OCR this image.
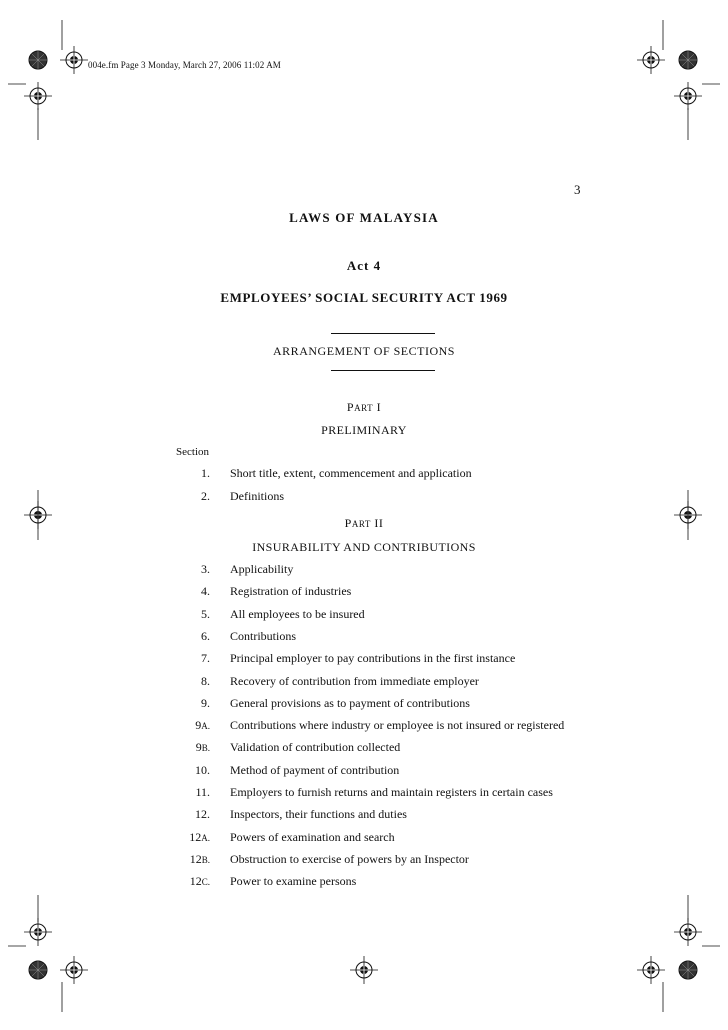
004e.fm Page 3 Monday, March 27, 2006 11:02 AM
3
LAWS OF MALAYSIA
Act 4
EMPLOYEES’ SOCIAL SECURITY ACT 1969
ARRANGEMENT OF SECTIONS
PART I
PRELIMINARY
Section
1. Short title, extent, commencement and application
2. Definitions
PART II
INSURABILITY AND CONTRIBUTIONS
3. Applicability
4. Registration of industries
5. All employees to be insured
6. Contributions
7. Principal employer to pay contributions in the first instance
8. Recovery of contribution from immediate employer
9. General provisions as to payment of contributions
9A. Contributions where industry or employee is not insured or registered
9B. Validation of contribution collected
10. Method of payment of contribution
11. Employers to furnish returns and maintain registers in certain cases
12. Inspectors, their functions and duties
12A. Powers of examination and search
12B. Obstruction to exercise of powers by an Inspector
12C. Power to examine persons
